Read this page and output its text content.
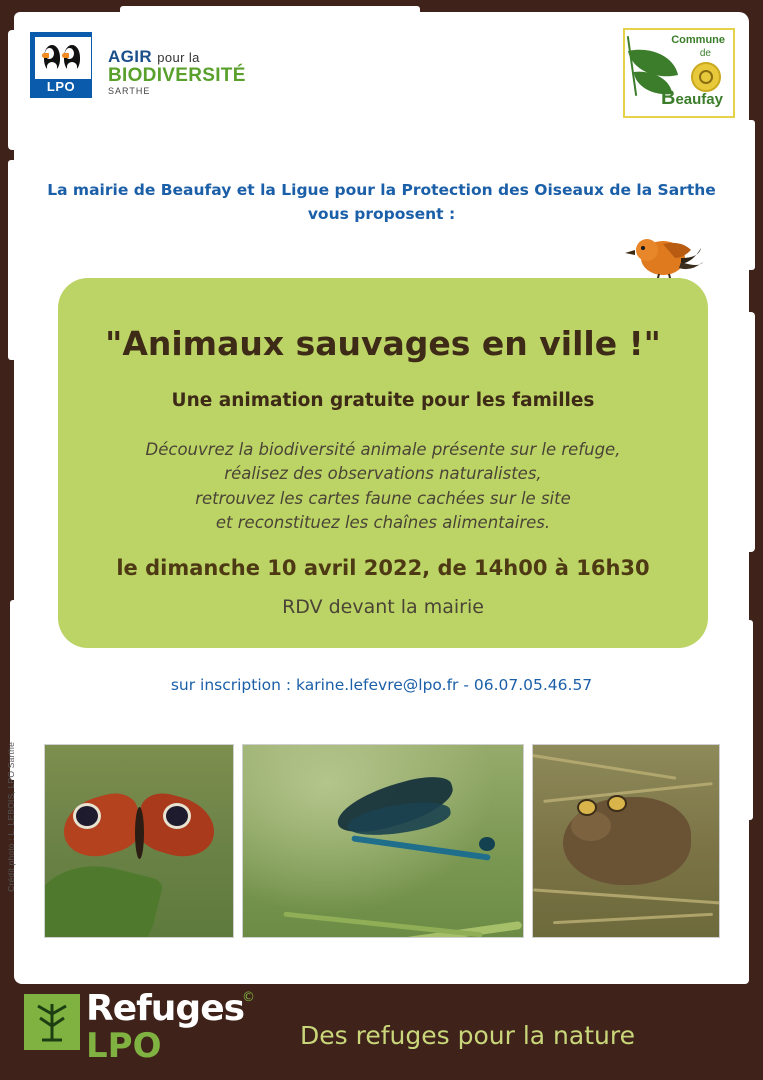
LPO
AGIR pour la
BIODIVERSITÉ
SARTHE
Commune
de
Beaufay
La mairie de Beaufay et la Ligue pour la Protection des Oiseaux de la Sarthe
vous proposent :
"Animaux sauvages en ville !"
Une animation gratuite pour les familles
Découvrez la biodiversité animale présente sur le refuge,
réalisez des observations naturalistes,
retrouvez les cartes faune cachées sur le site
et reconstituez les chaînes alimentaires.
le dimanche 10 avril 2022, de 14h00 à 16h30
RDV devant la mairie
sur inscription : karine.lefevre@lpo.fr - 06.07.05.46.57
Crédit photo : L. LEBOIS, LPO Sarthe
Refuges
©
LPO	Des refuges pour la nature
